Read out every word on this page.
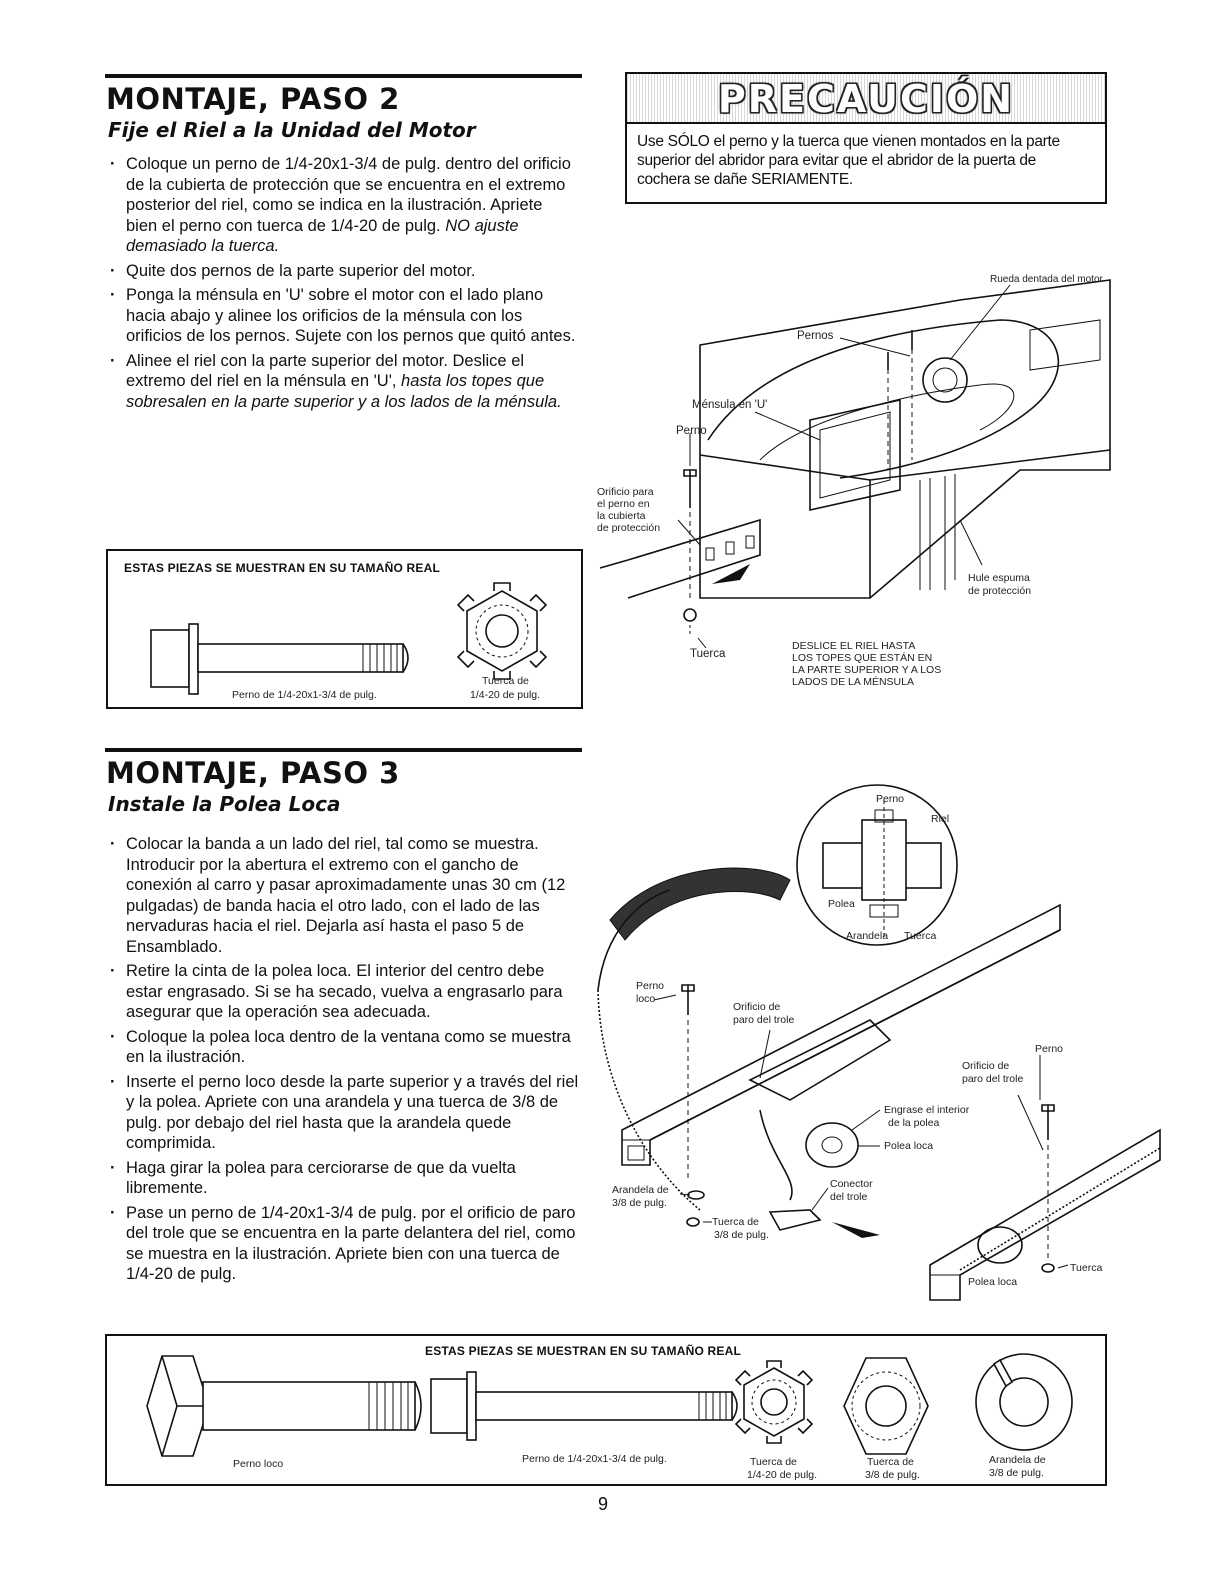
MONTAJE, PASO 2
Fije el Riel a la Unidad del Motor
· Coloque un perno de 1/4-20x1-3/4 de pulg. dentro del orificio de la cubierta de protección que se encuentra en el extremo posterior del riel, como se indica en la ilustración. Apriete bien el perno con tuerca de 1/4-20 de pulg. NO ajuste demasiado la tuerca.
· Quite dos pernos de la parte superior del motor.
· Ponga la ménsula en 'U' sobre el motor con el lado plano hacia abajo y alinee los orificios de la ménsula con los orificios de los pernos. Sujete con los pernos que quitó antes.
· Alinee el riel con la parte superior del motor. Deslice el extremo del riel en la ménsula en 'U', hasta los topes que sobresalen en la parte superior y a los lados de la ménsula.
ESTAS PIEZAS SE MUESTRAN EN SU TAMAÑO REAL
Perno de 1/4-20x1-3/4 de pulg.
Tuerca de
1/4-20 de pulg.
PRECAUCIÓN
Use SÓLO el perno y la tuerca que vienen montados en la parte superior del abridor para evitar que el abridor de la puerta de cochera se dañe SERIAMENTE.
Rueda dentada del motor
Pernos
Ménsula en 'U'
Perno
Orificio para
el perno en
la cubierta
de protección
Hule espuma
de protección
Tuerca
DESLICE EL RIEL HASTA
LOS TOPES QUE ESTÁN EN
LA PARTE SUPERIOR Y A LOS
LADOS DE LA MÉNSULA
MONTAJE, PASO 3
Instale la Polea Loca
· Colocar la banda a un lado del riel, tal como se muestra. Introducir por la abertura el extremo con el gancho de conexión al carro y pasar aproximadamente unas 30 cm (12 pulgadas) de banda hacia el otro lado, con el lado de las nervaduras hacia el riel. Dejarla así hasta el paso 5 de Ensamblado.
· Retire la cinta de la polea loca. El interior del centro debe estar engrasado. Si se ha secado, vuelva a engrasarlo para asegurar que la operación sea adecuada.
· Coloque la polea loca dentro de la ventana como se muestra en la ilustración.
· Inserte el perno loco desde la parte superior y a través del riel y la polea. Apriete con una arandela y una tuerca de 3/8 de pulg. por debajo del riel hasta que la arandela quede comprimida.
· Haga girar la polea para cerciorarse de que da vuelta libremente.
· Pase un perno de 1/4-20x1-3/4 de pulg. por el orificio de paro del trole que se encuentra en la parte delantera del riel, como se muestra en la ilustración. Apriete bien con una tuerca de 1/4-20 de pulg.
Perno
Riel
Polea
Arandela Tuerca
Perno
loco
Orificio de
paro del trole
Perno
Orificio de
paro del trole
Engrase el interior
de la polea
Polea loca
Conector
del trole
Arandela de
3/8 de pulg.
Tuerca de
3/8 de pulg.
Polea loca
Tuerca
ESTAS PIEZAS SE MUESTRAN EN SU TAMAÑO REAL
Perno loco	Perno de 1/4-20x1-3/4 de pulg.	Tuerca de
1/4-20 de pulg.
Tuerca de
3/8 de pulg.
Arandela de
3/8 de pulg.
9
